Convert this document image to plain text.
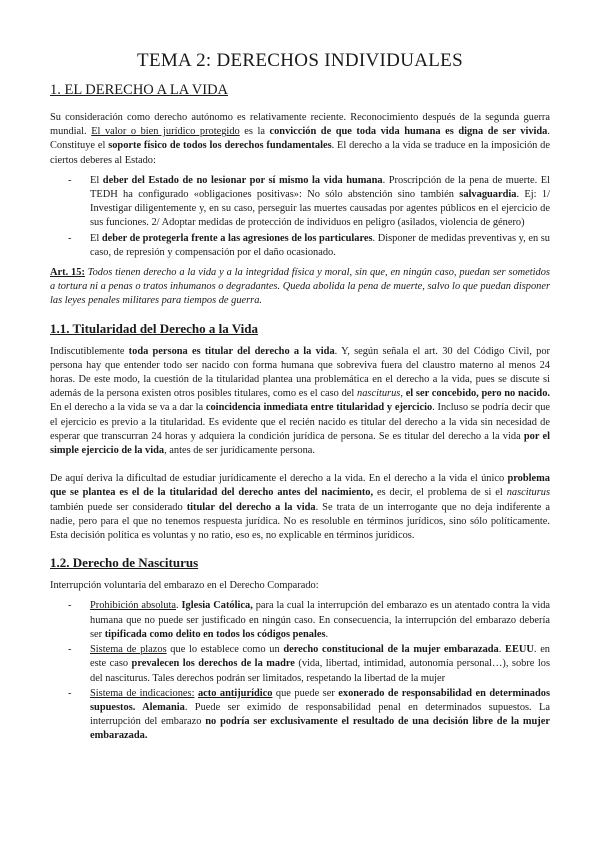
TEMA 2: DERECHOS INDIVIDUALES
1. EL DERECHO A LA VIDA

Su consideración como derecho autónomo es relativamente reciente. Reconocimiento después de la segunda guerra mundial. El valor o bien jurídico protegido es la convicción de que toda vida humana es digna de ser vivida. Constituye el soporte físico de todos los derechos fundamentales. El derecho a la vida se traduce en la imposición de ciertos deberes al Estado:

- El deber del Estado de no lesionar por sí mismo la vida humana. Proscripción de la pena de muerte. El TEDH ha configurado «obligaciones positivas»: No sólo abstención sino también salvaguardia. Ej: 1/ Investigar diligentemente y, en su caso, perseguir las muertes causadas por agentes públicos en el ejercicio de sus funciones. 2/ Adoptar medidas de protección de individuos en peligro (asilados, violencia de género)
- El deber de protegerla frente a las agresiones de los particulares. Disponer de medidas preventivas y, en su caso, de represión y compensación por el daño ocasionado.

Art. 15: Todos tienen derecho a la vida y a la integridad física y moral, sin que, en ningún caso, puedan ser sometidos a tortura ni a penas o tratos inhumanos o degradantes. Queda abolida la pena de muerte, salvo lo que puedan disponer las leyes penales militares para tiempos de guerra.

1.1. Titularidad del Derecho a la Vida

Indiscutiblemente toda persona es titular del derecho a la vida. Y, según señala el art. 30 del Código Civil, por persona hay que entender todo ser nacido con forma humana que sobreviva fuera del claustro materno al menos 24 horas. De este modo, la cuestión de la titularidad plantea una problemática en el derecho a la vida, pues se discute si además de la persona existen otros posibles titulares, como es el caso del nasciturus, el ser concebido, pero no nacido. En el derecho a la vida se va a dar la coincidencia inmediata entre titularidad y ejercicio. Incluso se podría decir que el ejercicio es previo a la titularidad. Es evidente que el recién nacido es titular del derecho a la vida sin necesidad de esperar que transcurran 24 horas y adquiera la condición jurídica de persona. Se es titular del derecho a la vida por el simple ejercicio de la vida, antes de ser jurídicamente persona.

De aquí deriva la dificultad de estudiar jurídicamente el derecho a la vida. En el derecho a la vida el único problema que se plantea es el de la titularidad del derecho antes del nacimiento, es decir, el problema de si el nasciturus también puede ser considerado titular del derecho a la vida. Se trata de un interrogante que no deja indiferente a nadie, pero para el que no tenemos respuesta jurídica. No es resoluble en términos jurídicos, sino sólo políticamente. Esta decisión política es voluntas y no ratio, eso es, no explicable en términos jurídicos.

1.2. Derecho de Nasciturus

Interrupción voluntaria del embarazo en el Derecho Comparado:

- Prohibición absoluta. Iglesia Católica, para la cual la interrupción del embarazo es un atentado contra la vida humana que no puede ser justificado en ningún caso. En consecuencia, la interrupción del embarazo debería ser tipificada como delito en todos los códigos penales.
- Sistema de plazos que lo establece como un derecho constitucional de la mujer embarazada. EEUU. en este caso prevalecen los derechos de la madre (vida, libertad, intimidad, autonomía personal…), sobre los del nasciturus. Tales derechos podrán ser limitados, respetando la libertad de la mujer
- Sistema de indicaciones: acto antijurídico que puede ser exonerado de responsabilidad en determinados supuestos. Alemania. Puede ser eximido de responsabilidad penal en determinados supuestos. La interrupción del embarazo no podría ser exclusivamente el resultado de una decisión libre de la mujer embarazada.
